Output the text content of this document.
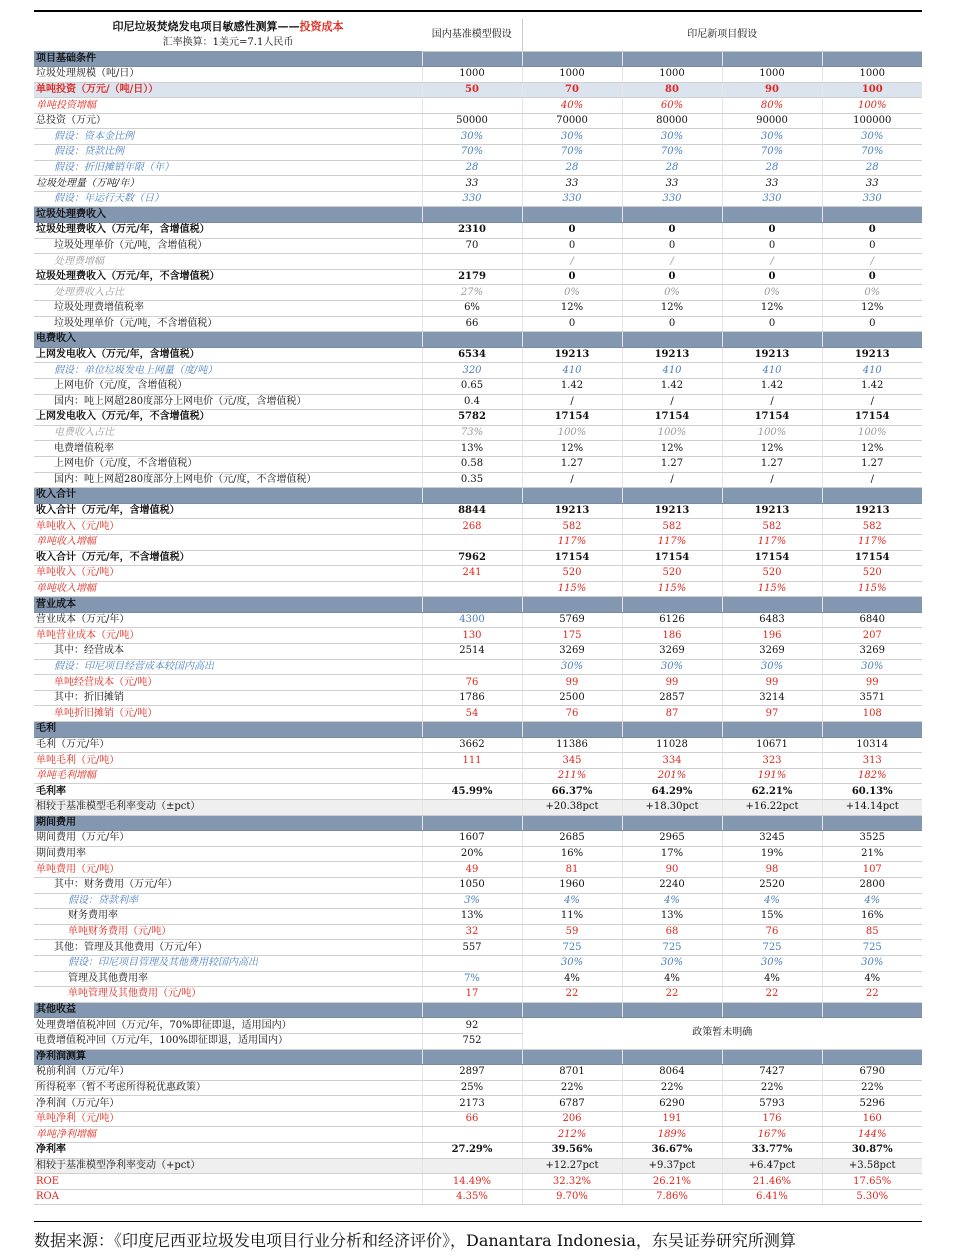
印尼垃圾焚烧发电项目敏感性测算——投资成本	国内基准模型假设	印尼新项目假设			
汇率换算：1美元=7.1人民币					
项目基础条件					
垃圾处理规模（吨/日）	1000	1000	1000	1000	1000
单吨投资（万元/（吨/日））	50	70	80	90	100
单吨投资增幅		40%	60%	80%	100%
总投资（万元）	50000	70000	80000	90000	100000
假设：资本金比例	30%	30%	30%	30%	30%
假设：贷款比例	70%	70%	70%	70%	70%
假设：折旧摊销年限（年）	28	28	28	28	28
垃圾处理量（万吨/年）	33	33	33	33	33
假设：年运行天数（日）	330	330	330	330	330
垃圾处理费收入					
垃圾处理费收入（万元/年，含增值税）	2310	0	0	0	0
垃圾处理单价（元/吨，含增值税）	70	0	0	0	0
处理费增幅		/	/	/	/
垃圾处理费收入（万元/年，不含增值税）	2179	0	0	0	0
处理费收入占比	27%	0%	0%	0%	0%
垃圾处理费增值税率	6%	12%	12%	12%	12%
垃圾处理单价（元/吨，不含增值税）	66	0	0	0	0
电费收入					
上网发电收入（万元/年，含增值税）	6534	19213	19213	19213	19213
假设：单位垃圾发电上网量（度/吨）	320	410	410	410	410
上网电价（元/度，含增值税）	0.65	1.42	1.42	1.42	1.42
国内：吨上网超280度部分上网电价（元/度，含增值税）	0.4	/	/	/	/
上网发电收入（万元/年，不含增值税）	5782	17154	17154	17154	17154
电费收入占比	73%	100%	100%	100%	100%
电费增值税率	13%	12%	12%	12%	12%
上网电价（元/度，不含增值税）	0.58	1.27	1.27	1.27	1.27
国内：吨上网超280度部分上网电价（元/度，不含增值税）	0.35	/	/	/	/
收入合计					
收入合计（万元/年，含增值税）	8844	19213	19213	19213	19213
单吨收入（元/吨）	268	582	582	582	582
单吨收入增幅		117%	117%	117%	117%
收入合计（万元/年，不含增值税）	7962	17154	17154	17154	17154
单吨收入（元/吨）	241	520	520	520	520
单吨收入增幅		115%	115%	115%	115%
营业成本					
营业成本（万元/年）	4300	5769	6126	6483	6840
单吨营业成本（元/吨）	130	175	186	196	207
其中：经营成本	2514	3269	3269	3269	3269
假设：印尼项目经营成本较国内高出		30%	30%	30%	30%
单吨经营成本（元/吨）	76	99	99	99	99
其中：折旧摊销	1786	2500	2857	3214	3571
单吨折旧摊销（元/吨）	54	76	87	97	108
毛利					
毛利（万元/年）	3662	11386	11028	10671	10314
单吨毛利（元/吨）	111	345	334	323	313
单吨毛利增幅		211%	201%	191%	182%
毛利率	45.99%	66.37%	64.29%	62.21%	60.13%
相较于基准模型毛利率变动（±pct）		+20.38pct	+18.30pct	+16.22pct	+14.14pct
期间费用					
期间费用（万元/年）	1607	2685	2965	3245	3525
期间费用率	20%	16%	17%	19%	21%
单吨费用（元/吨）	49	81	90	98	107
其中：财务费用（万元/年）	1050	1960	2240	2520	2800
假设：贷款利率	3%	4%	4%	4%	4%
财务费用率	13%	11%	13%	15%	16%
单吨财务费用（元/吨）	32	59	68	76	85
其他：管理及其他费用（万元/年）	557	725	725	725	725
假设：印尼项目管理及其他费用较国内高出		30%	30%	30%	30%
管理及其他费用率	7%	4%	4%	4%	4%
单吨管理及其他费用（元/吨）	17	22	22	22	22
其他收益					
处理费增值税冲回（万元/年，70%即征即退，适用国内）	92	政策暂未明确			
电费增值税冲回（万元/年，100%即征即退，适用国内）	752				
净利润测算					
税前利润（万元/年）	2897	8701	8064	7427	6790
所得税率（暂不考虑所得税优惠政策）	25%	22%	22%	22%	22%
净利润（万元/年）	2173	6787	6290	5793	5296
单吨净利（元/吨）	66	206	191	176	160
单吨净利增幅		212%	189%	167%	144%
净利率	27.29%	39.56%	36.67%	33.77%	30.87%
相较于基准模型净利率变动（+pct）		+12.27pct	+9.37pct	+6.47pct	+3.58pct
ROE	14.49%	32.32%	26.21%	21.46%	17.65%
ROA	4.35%	9.70%	7.86%	6.41%	5.30%
数据来源：《印度尼西亚垃圾发电项目行业分析和经济评价》，Danantara Indonesia，东吴证券研究所测算
